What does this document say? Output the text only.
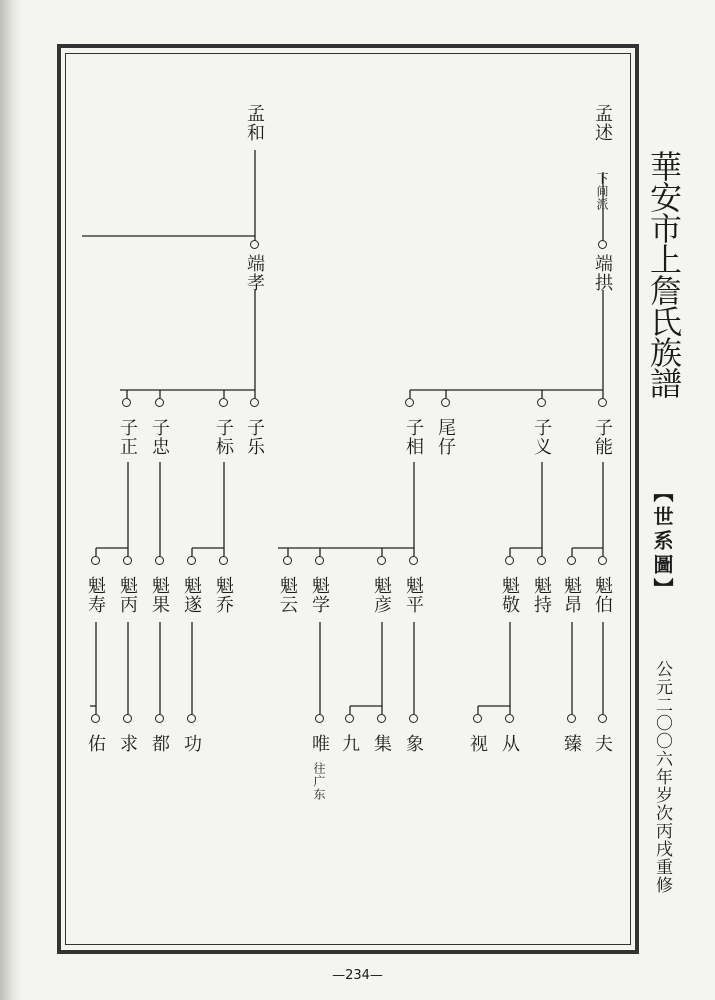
孟述
下间派
端拱
子能
子义
尾仔
子相
魁伯
魁昂
魁持
魁敬
魁平
魁彦
魁学
魁云
夫
臻
从
视
象
集
九
唯
往广东
孟和
端孝
子乐
子标
子忠
子正
魁乔
魁遂
魁果
魁丙
魁寿
功
都
求
佑
華安市上詹氏族譜
【世系圖】
公元二〇〇六年岁次丙戌重修
—234—
